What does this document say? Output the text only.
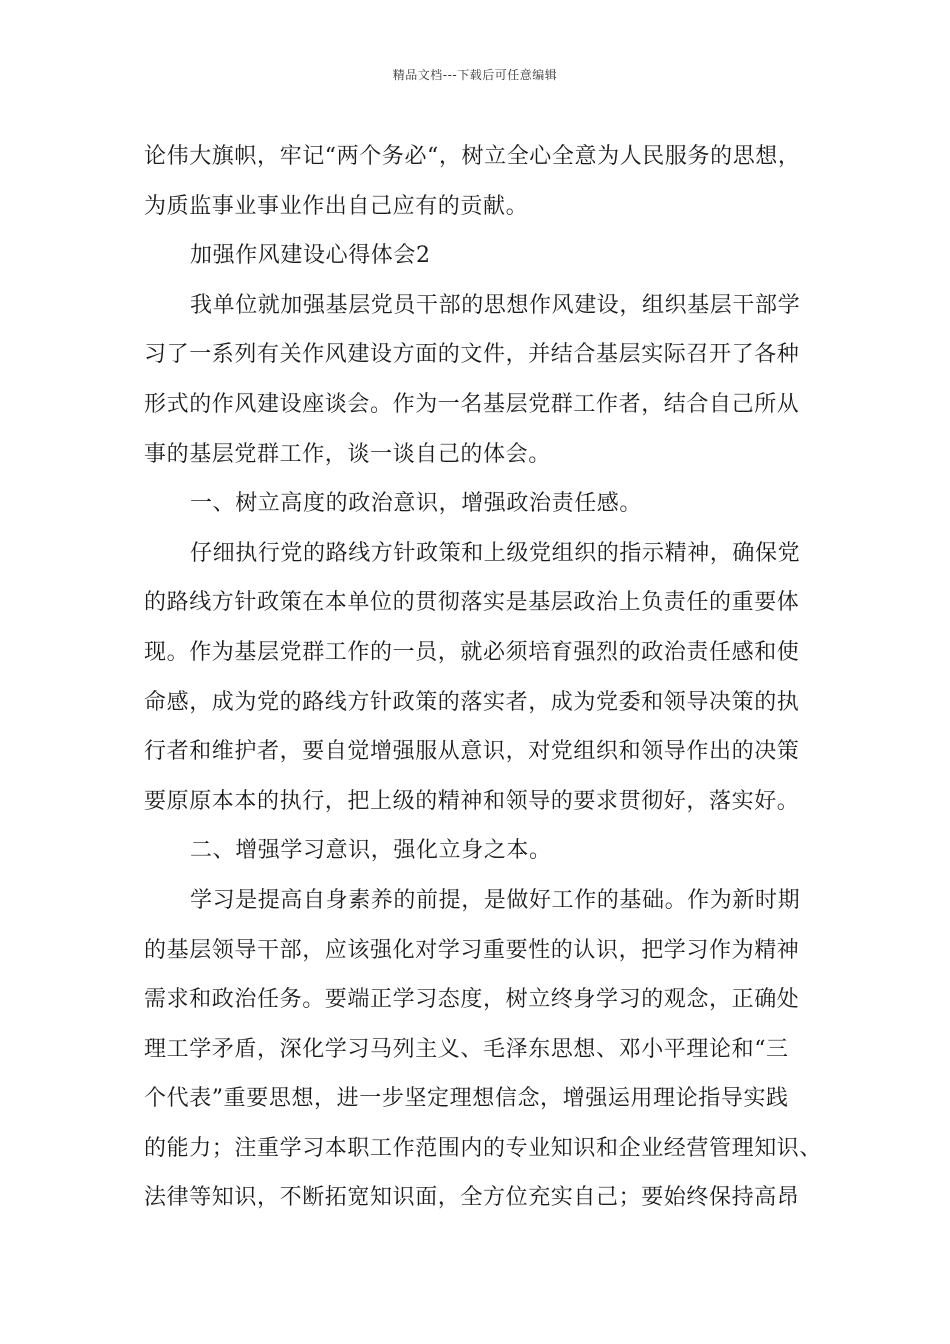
精品文档---下载后可任意编辑
论伟大旗帜，牢记“两个务必“，树立全心全意为人民服务的思想，
为质监事业事业作出自己应有的贡献。
加强作风建设心得体会2
我单位就加强基层党员干部的思想作风建设，组织基层干部学
习了一系列有关作风建设方面的文件，并结合基层实际召开了各种
形式的作风建设座谈会。作为一名基层党群工作者，结合自己所从
事的基层党群工作，谈一谈自己的体会。
一、树立高度的政治意识，增强政治责任感。
仔细执行党的路线方针政策和上级党组织的指示精神，确保党
的路线方针政策在本单位的贯彻落实是基层政治上负责任的重要体
现。作为基层党群工作的一员，就必须培育强烈的政治责任感和使
命感，成为党的路线方针政策的落实者，成为党委和领导决策的执
行者和维护者，要自觉增强服从意识，对党组织和领导作出的决策
要原原本本的执行，把上级的精神和领导的要求贯彻好，落实好。
二、增强学习意识，强化立身之本。
学习是提高自身素养的前提，是做好工作的基础。作为新时期
的基层领导干部，应该强化对学习重要性的认识，把学习作为精神
需求和政治任务。要端正学习态度，树立终身学习的观念，正确处
理工学矛盾，深化学习马列主义、毛泽东思想、邓小平理论和“三
个代表”重要思想，进一步坚定理想信念，增强运用理论指导实践
的能力；注重学习本职工作范围内的专业知识和企业经营管理知识、
法律等知识，不断拓宽知识面，全方位充实自己；要始终保持高昂
